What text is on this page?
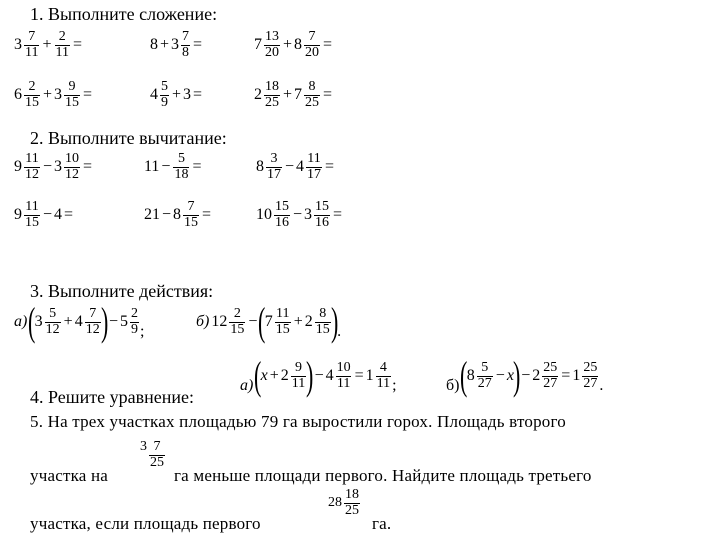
1. Выполните сложение:
$3 \frac{7}{11} + \frac{2}{11}$ =	$8 + 3 \frac{7}{8}$ =	$7 \frac{13}{20} + 8 \frac{7}{20}$ =
$6 \frac{2}{15} + 3 \frac{9}{15}$ =	$4 \frac{5}{9} + 3$ =	$2 \frac{18}{25} + 7 \frac{8}{25}$ =
2. Выполните вычитание:
$9 \frac{11}{12} - 3 \frac{10}{12}$ =	$11 - \frac{5}{18}$ =	$8 \frac{3}{17} - 4 \frac{11}{17}$ =
$9 \frac{11}{15} - 4$ =	$21 - 8 \frac{7}{15}$ =	$10 \frac{15}{16} - 3 \frac{15}{16}$ =
3. Выполните действия:
а) (
$3 \frac{5}{12} + 4 \frac{7}{12}$ ) − $5 \frac{2}{9}$ ;
б) $12 \frac{2}{15}$ − (
$7 \frac{11}{15} + 2 \frac{8}{15}$ )
.
4. Решите уравнение:
а) (
$x + 2 \frac{9}{11}$ ) − $4 \frac{10}{11} = 1 \frac{4}{11}$ ;	б) (
$8 \frac{5}{27} - x$
) − $2 \frac{25}{27} = 1 \frac{25}{27}$ .
5. На трех участках площадью 79 га выростили горох. Площадь второго
участка на
$3 \frac{7}{25}$
га меньше площади первого. Найдите площадь третьего
участка, если площадь первого
$28 \frac{18}{25}$
га.
